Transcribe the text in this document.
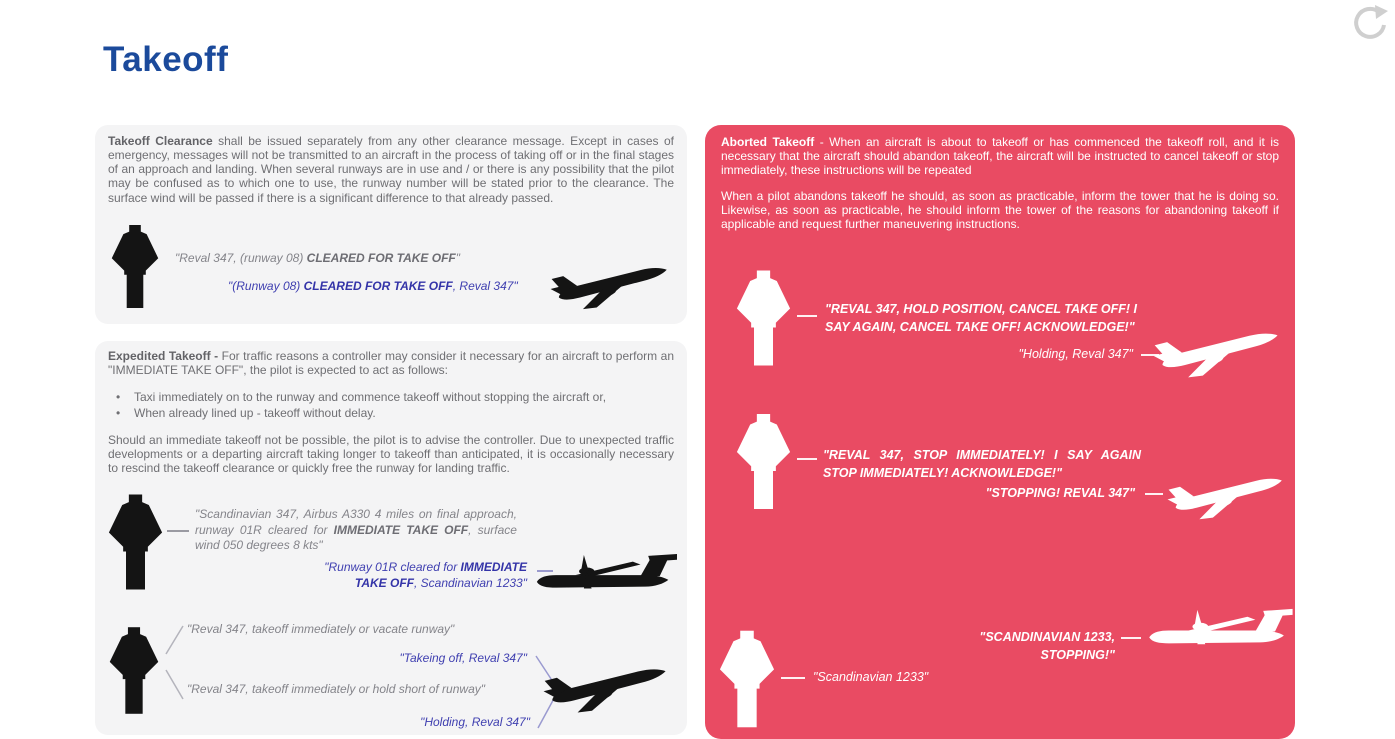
Takeoff
Takeoff Clearance shall be issued separately from any other clearance message. Except in cases of emergency, messages will not be transmitted to an aircraft in the process of taking off or in the final stages of an approach and landing. When several runways are in use and / or there is any possibility that the pilot may be confused as to which one to use, the runway number will be stated prior to the clearance. The surface wind will be passed if there is a significant difference to that already passed.
"Reval 347, (runway 08) CLEARED FOR TAKE OFF"
"(Runway 08) CLEARED FOR TAKE OFF, Reval 347"
Expedited Takeoff - For traffic reasons a controller may consider it necessary for an aircraft to perform an "IMMEDIATE TAKE OFF", the pilot is expected to act as follows:
•	Taxi immediately on to the runway and commence takeoff without stopping the aircraft or,
•	When already lined up - takeoff without delay.
Should an immediate takeoff not be possible, the pilot is to advise the controller. Due to unexpected traffic developments or a departing aircraft taking longer to takeoff than anticipated, it is occasionally necessary to rescind the takeoff clearance or quickly free the runway for landing traffic.
"Scandinavian 347, Airbus A330 4 miles on final approach, runway 01R cleared for IMMEDIATE TAKE OFF, surface wind 050 degrees 8 kts"
"Runway 01R cleared for IMMEDIATE TAKE OFF, Scandinavian 1233"
"Reval 347, takeoff immediately or vacate runway"
"Takeing off, Reval 347"
"Reval 347, takeoff immediately or hold short of runway"
"Holding, Reval 347"
Aborted Takeoff - When an aircraft is about to takeoff or has commenced the takeoff roll, and it is necessary that the aircraft should abandon takeoff, the aircraft will be instructed to cancel takeoff or stop immediately, these instructions will be repeated
When a pilot abandons takeoff he should, as soon as practicable, inform the tower that he is doing so. Likewise, as soon as practicable, he should inform the tower of the reasons for abandoning takeoff if applicable and request further maneuvering instructions.
"REVAL 347, HOLD POSITION, CANCEL TAKE OFF! I SAY AGAIN, CANCEL TAKE OFF! ACKNOWLEDGE!"
"Holding, Reval 347"
"REVAL 347, STOP IMMEDIATELY! I SAY AGAIN STOP IMMEDIATELY! ACKNOWLEDGE!"
"STOPPING! REVAL 347"
"SCANDINAVIAN 1233, STOPPING!"
"Scandinavian 1233"
